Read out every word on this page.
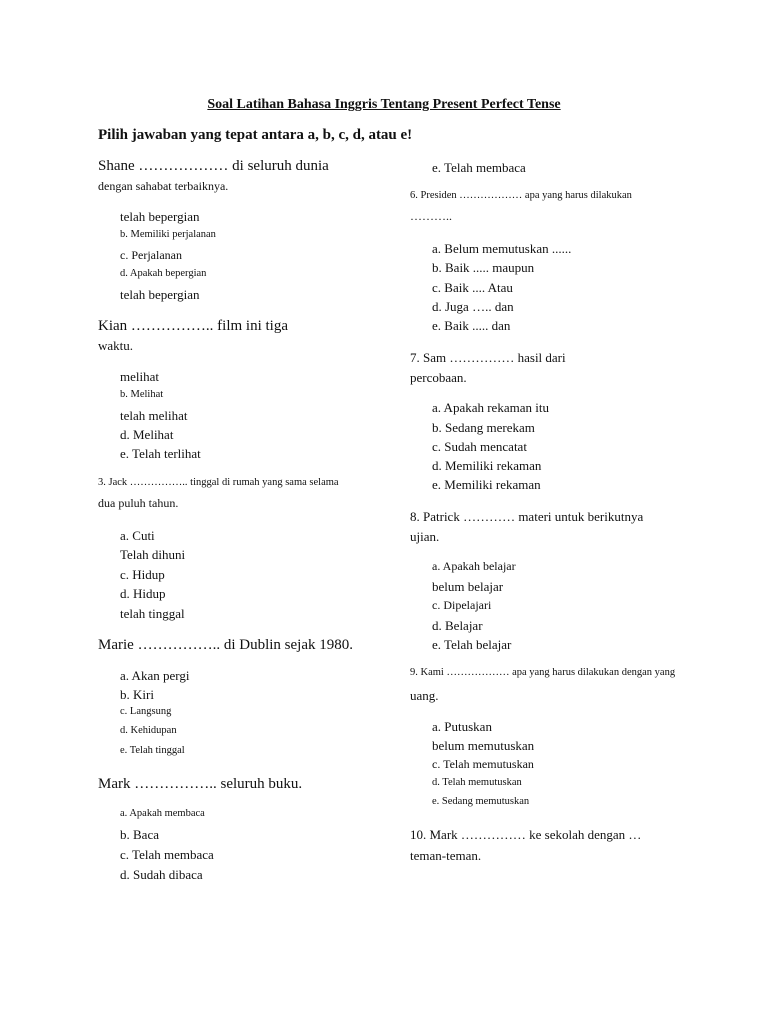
Soal Latihan Bahasa Inggris Tentang Present Perfect Tense
Pilih jawaban yang tepat antara a, b, c, d, atau e!
Shane ……………… di seluruh dunia
dengan sahabat terbaiknya.
telah bepergian
b. Memiliki perjalanan
c. Perjalanan
d. Apakah bepergian
telah bepergian
Kian …………….. film ini tiga
waktu.
melihat
b. Melihat
telah melihat
d. Melihat
e. Telah terlihat
3. Jack …………….. tinggal di rumah yang sama selama
dua puluh tahun.
a. Cuti
Telah dihuni
c. Hidup
d. Hidup
telah tinggal
Marie …………….. di Dublin sejak 1980.
a. Akan pergi
b. Kiri
c. Langsung
d. Kehidupan
e. Telah tinggal
Mark …………….. seluruh buku.
a. Apakah membaca
b. Baca
c. Telah membaca
d. Sudah dibaca
e. Telah membaca
6. Presiden ……………… apa yang harus dilakukan
………..
a. Belum memutuskan ......
b. Baik ..... maupun
c. Baik .... Atau
d. Juga ….. dan
e. Baik ..... dan
7. Sam …………… hasil dari
percobaan.
a. Apakah rekaman itu
b. Sedang merekam
c. Sudah mencatat
d. Memiliki rekaman
e. Memiliki rekaman
8. Patrick ………… materi untuk berikutnya
ujian.
a. Apakah belajar
belum belajar
c. Dipelajari
d. Belajar
e. Telah belajar
9. Kami ……………… apa yang harus dilakukan dengan yang
uang.
a. Putuskan
belum memutuskan
c. Telah memutuskan
d. Telah memutuskan
e. Sedang memutuskan
10. Mark …………… ke sekolah dengan …
teman-teman.
